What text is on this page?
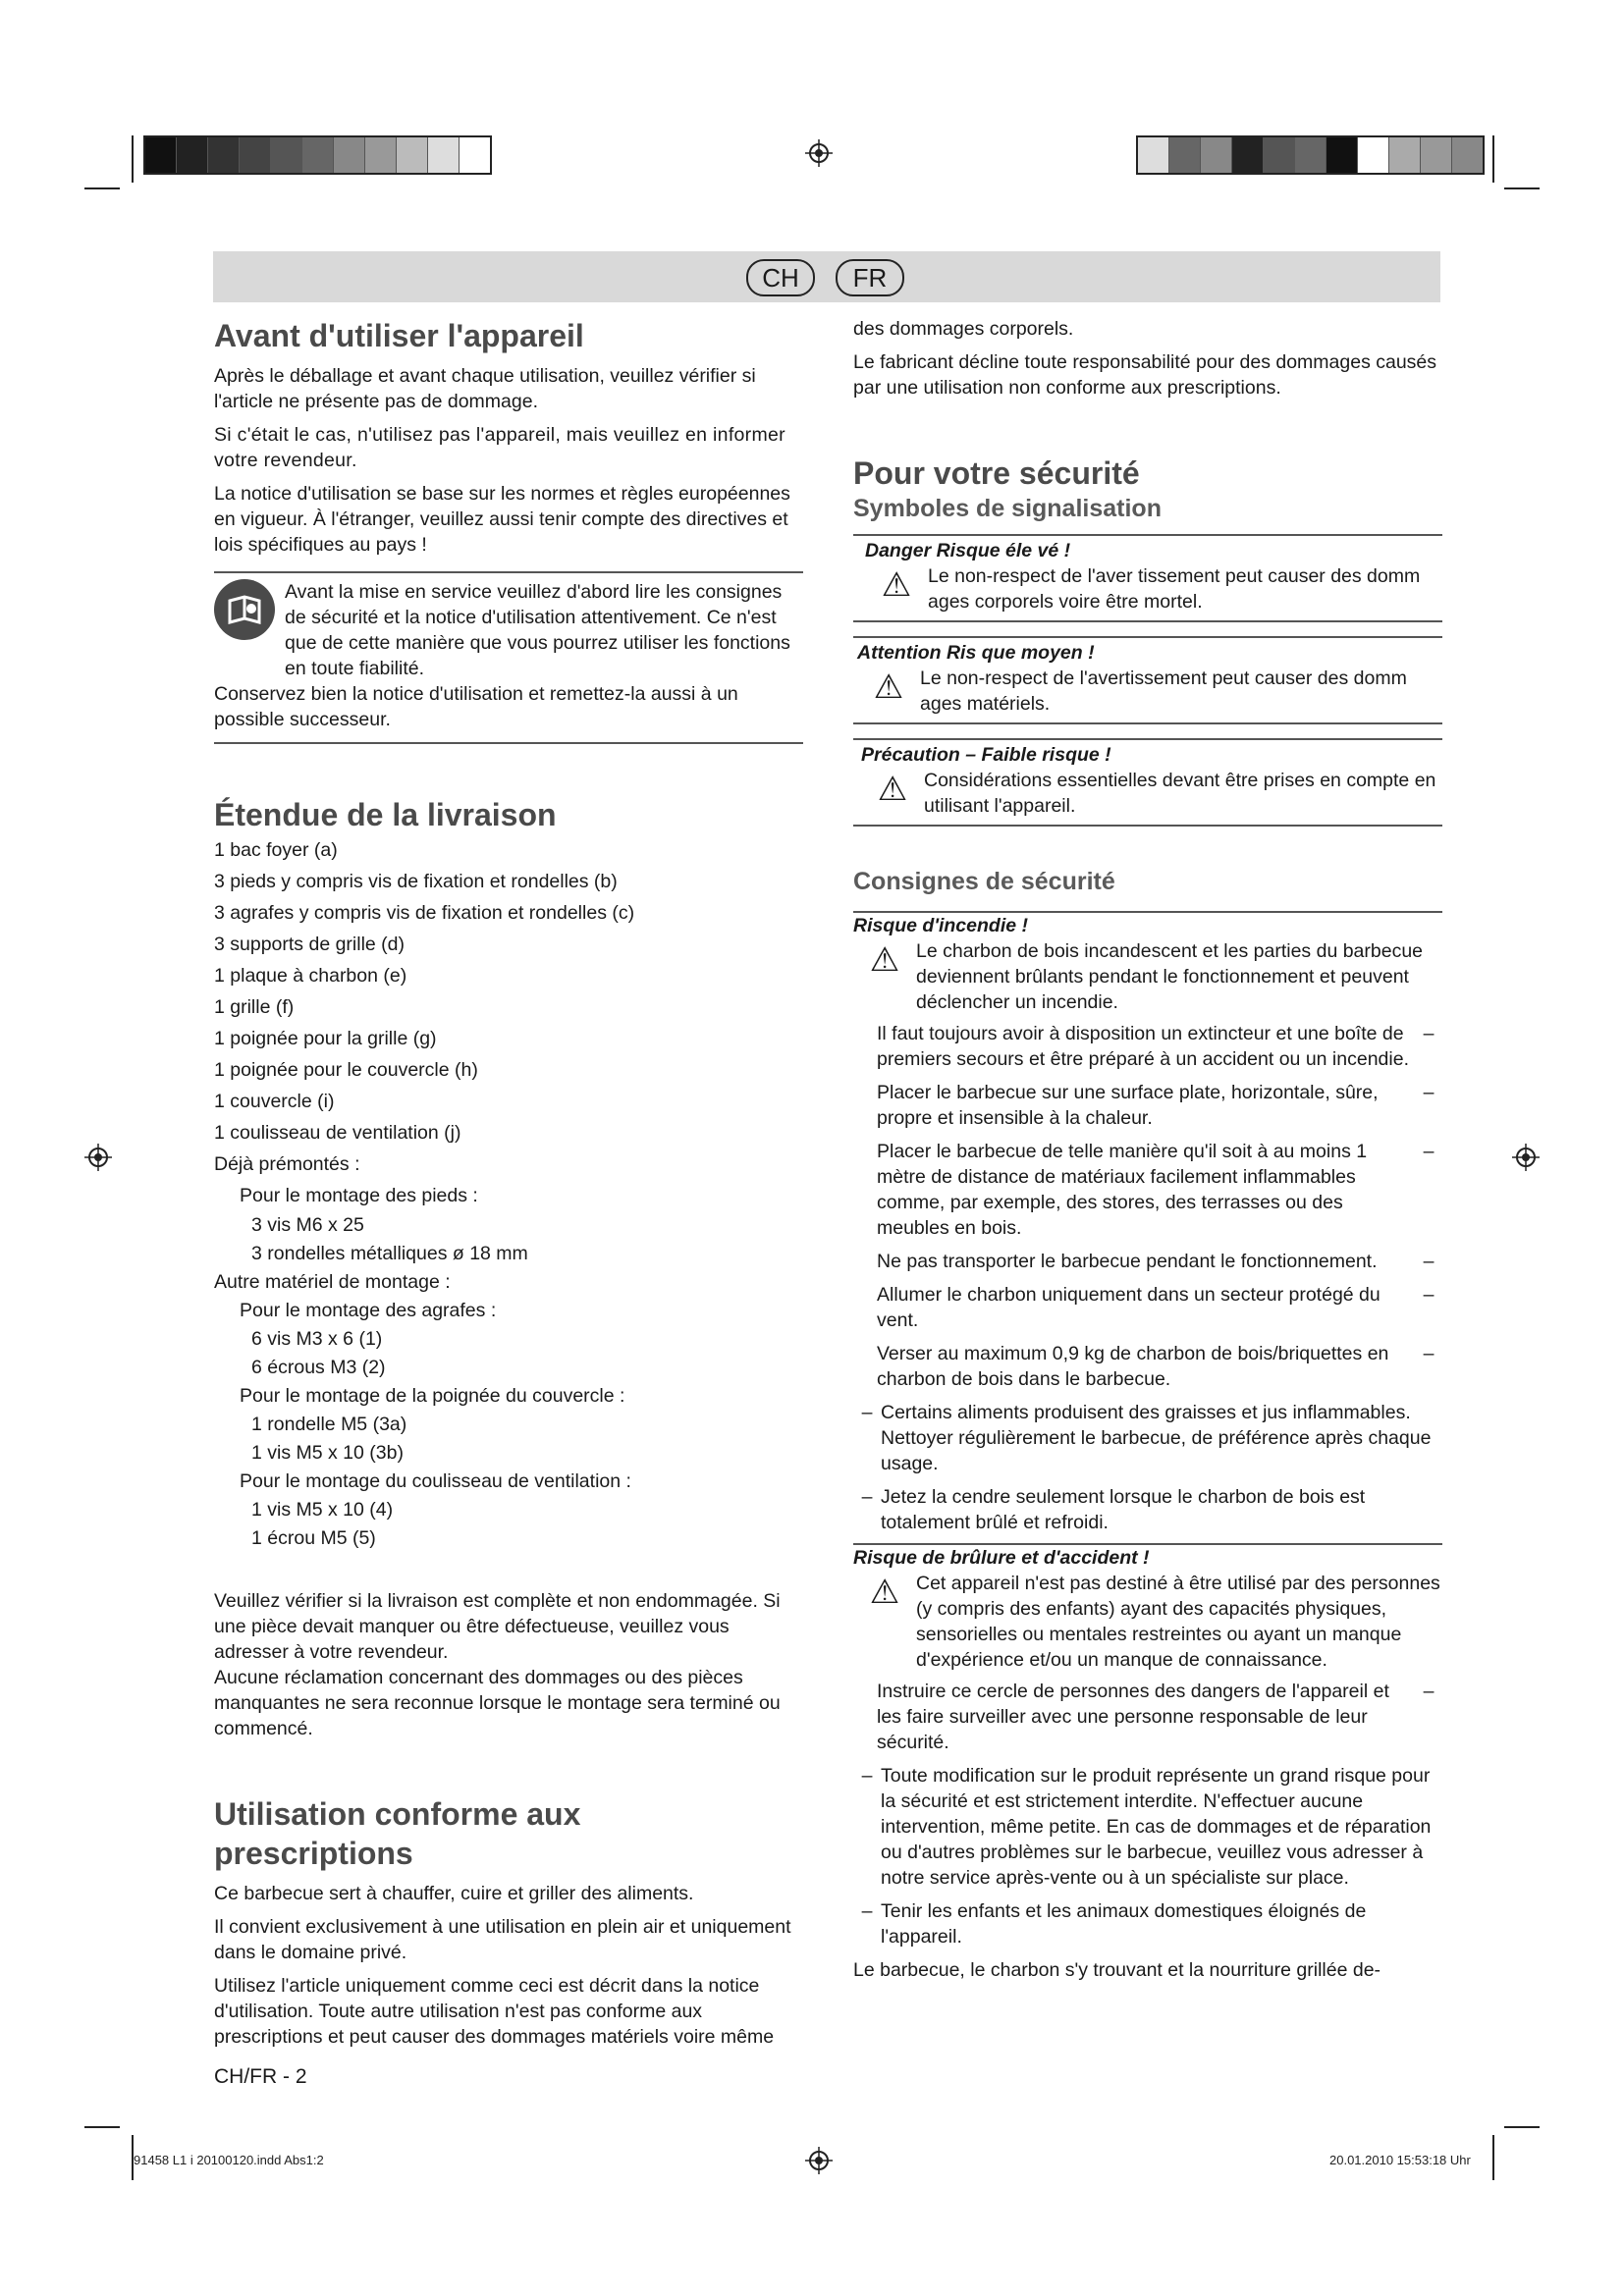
CH	FR
Avant d'utiliser l'appareil

Après le déballage et avant chaque utilisation, veuillez vérifier si l'article ne présente pas de dommage.

Si c'était le cas, n'utilisez pas l'appareil, mais veuillez en informer votre revendeur.

La notice d'utilisation se base sur les normes et règles européennes en vigueur. À l'étranger, veuillez aussi tenir compte des directives et lois spécifiques au pays !

Avant la mise en service veuillez d'abord lire les consignes de sécurité et la notice d'utilisation attentivement. Ce n'est que de cette manière que vous pourrez utiliser les fonctions en toute fiabilité.

Conservez bien la notice d'utilisation et remettez-la aussi à un possible successeur.

Étendue de la livraison
1 bac foyer (a)
3 pieds y compris vis de fixation et rondelles (b)
3 agrafes y compris vis de fixation et rondelles (c)
3 supports de grille (d)
1 plaque à charbon (e)
1 grille (f)
1 poignée pour la grille (g)
1 poignée pour le couvercle (h)
1 couvercle (i)
1 coulisseau de ventilation (j)
Déjà prémontés :
Pour le montage des pieds :
3 vis M6 x 25
3 rondelles métalliques ø 18 mm
Autre matériel de montage :
Pour le montage des agrafes :
6 vis M3 x 6 (1)
6 écrous M3 (2)
Pour le montage de la poignée du couvercle :
1 rondelle M5 (3a)
1 vis M5 x 10 (3b)
Pour le montage du coulisseau de ventilation :
1 vis M5 x 10 (4)
1 écrou M5 (5)

Veuillez vérifier si la livraison est complète et non endommagée. Si une pièce devait manquer ou être défectueuse, veuillez vous adresser à votre revendeur.

Aucune réclamation concernant des dommages ou des pièces manquantes ne sera reconnue lorsque le montage sera terminé ou commencé.

Utilisation conforme aux prescriptions

Ce barbecue sert à chauffer, cuire et griller des aliments.

Il convient exclusivement à une utilisation en plein air et uniquement dans le domaine privé.

Utilisez l'article uniquement comme ceci est décrit dans la notice d'utilisation. Toute autre utilisation n'est pas conforme aux prescriptions et peut causer des dommages matériels voire même

des dommages corporels.

Le fabricant décline toute responsabilité pour des dommages causés par une utilisation non conforme aux prescriptions.

Pour votre sécurité
Symboles de signalisation
Danger Risque éle vé !
⚠ Le non-respect de l'aver tissement peut causer des domm ages corporels voire être mortel.
Attention Ris que moyen !
⚠ Le non-respect de l'avertissement peut causer des domm ages matériels.
Précaution – Faible risque !
⚠ Considérations essentielles devant être prises en compte en utilisant l'appareil.
Consignes de sécurité
Risque d'incendie !
⚠ Le charbon de bois incandescent et les parties du barbecue deviennent brûlants pendant le fonctionnement et peuvent déclencher un incendie.
Il faut toujours avoir à disposition un extincteur et une boîte de premiers secours et être préparé à un accident ou un incendie.
–
Placer le barbecue sur une surface plate, horizontale, sûre, propre et insensible à la chaleur.
–
Placer le barbecue de telle manière qu'il soit à au moins 1 mètre de distance de matériaux facilement inflammables comme, par exemple, des stores, des terrasses ou des meubles en bois.
–
Ne pas transporter le barbecue pendant le fonctionnement.	–
Allumer le charbon uniquement dans un secteur protégé du vent.
–
Verser au maximum 0,9 kg de charbon de bois/briquettes en charbon de bois dans le barbecue.
–
– Certains aliments produisent des graisses et jus inflammables. Nettoyer régulièrement le barbecue, de préférence après chaque usage.
– Jetez la cendre seulement lorsque le charbon de bois est totalement brûlé et refroidi.
Risque de brûlure et d'accident !
⚠ Cet appareil n'est pas destiné à être utilisé par des personnes (y compris des enfants) ayant des capacités physiques, sensorielles ou mentales restreintes ou ayant un manque d'expérience et/ou un manque de connaissance.
Instruire ce cercle de personnes des dangers de l'appareil et les faire surveiller avec une personne responsable de leur sécurité.
–
– Toute modification sur le produit représente un grand risque pour la sécurité et est strictement interdite. N'effectuer aucune intervention, même petite. En cas de dommages et de réparation ou d'autres problèmes sur le barbecue, veuillez vous adresser à notre service après-vente ou à un spécialiste sur place.
– Tenir les enfants et les animaux domestiques éloignés de l'appareil.

Le barbecue, le charbon s'y trouvant et la nourriture grillée de-

CH/FR - 2
91458 L1 i 20100120.indd Abs1:2	20.01.2010 15:53:18 Uhr
